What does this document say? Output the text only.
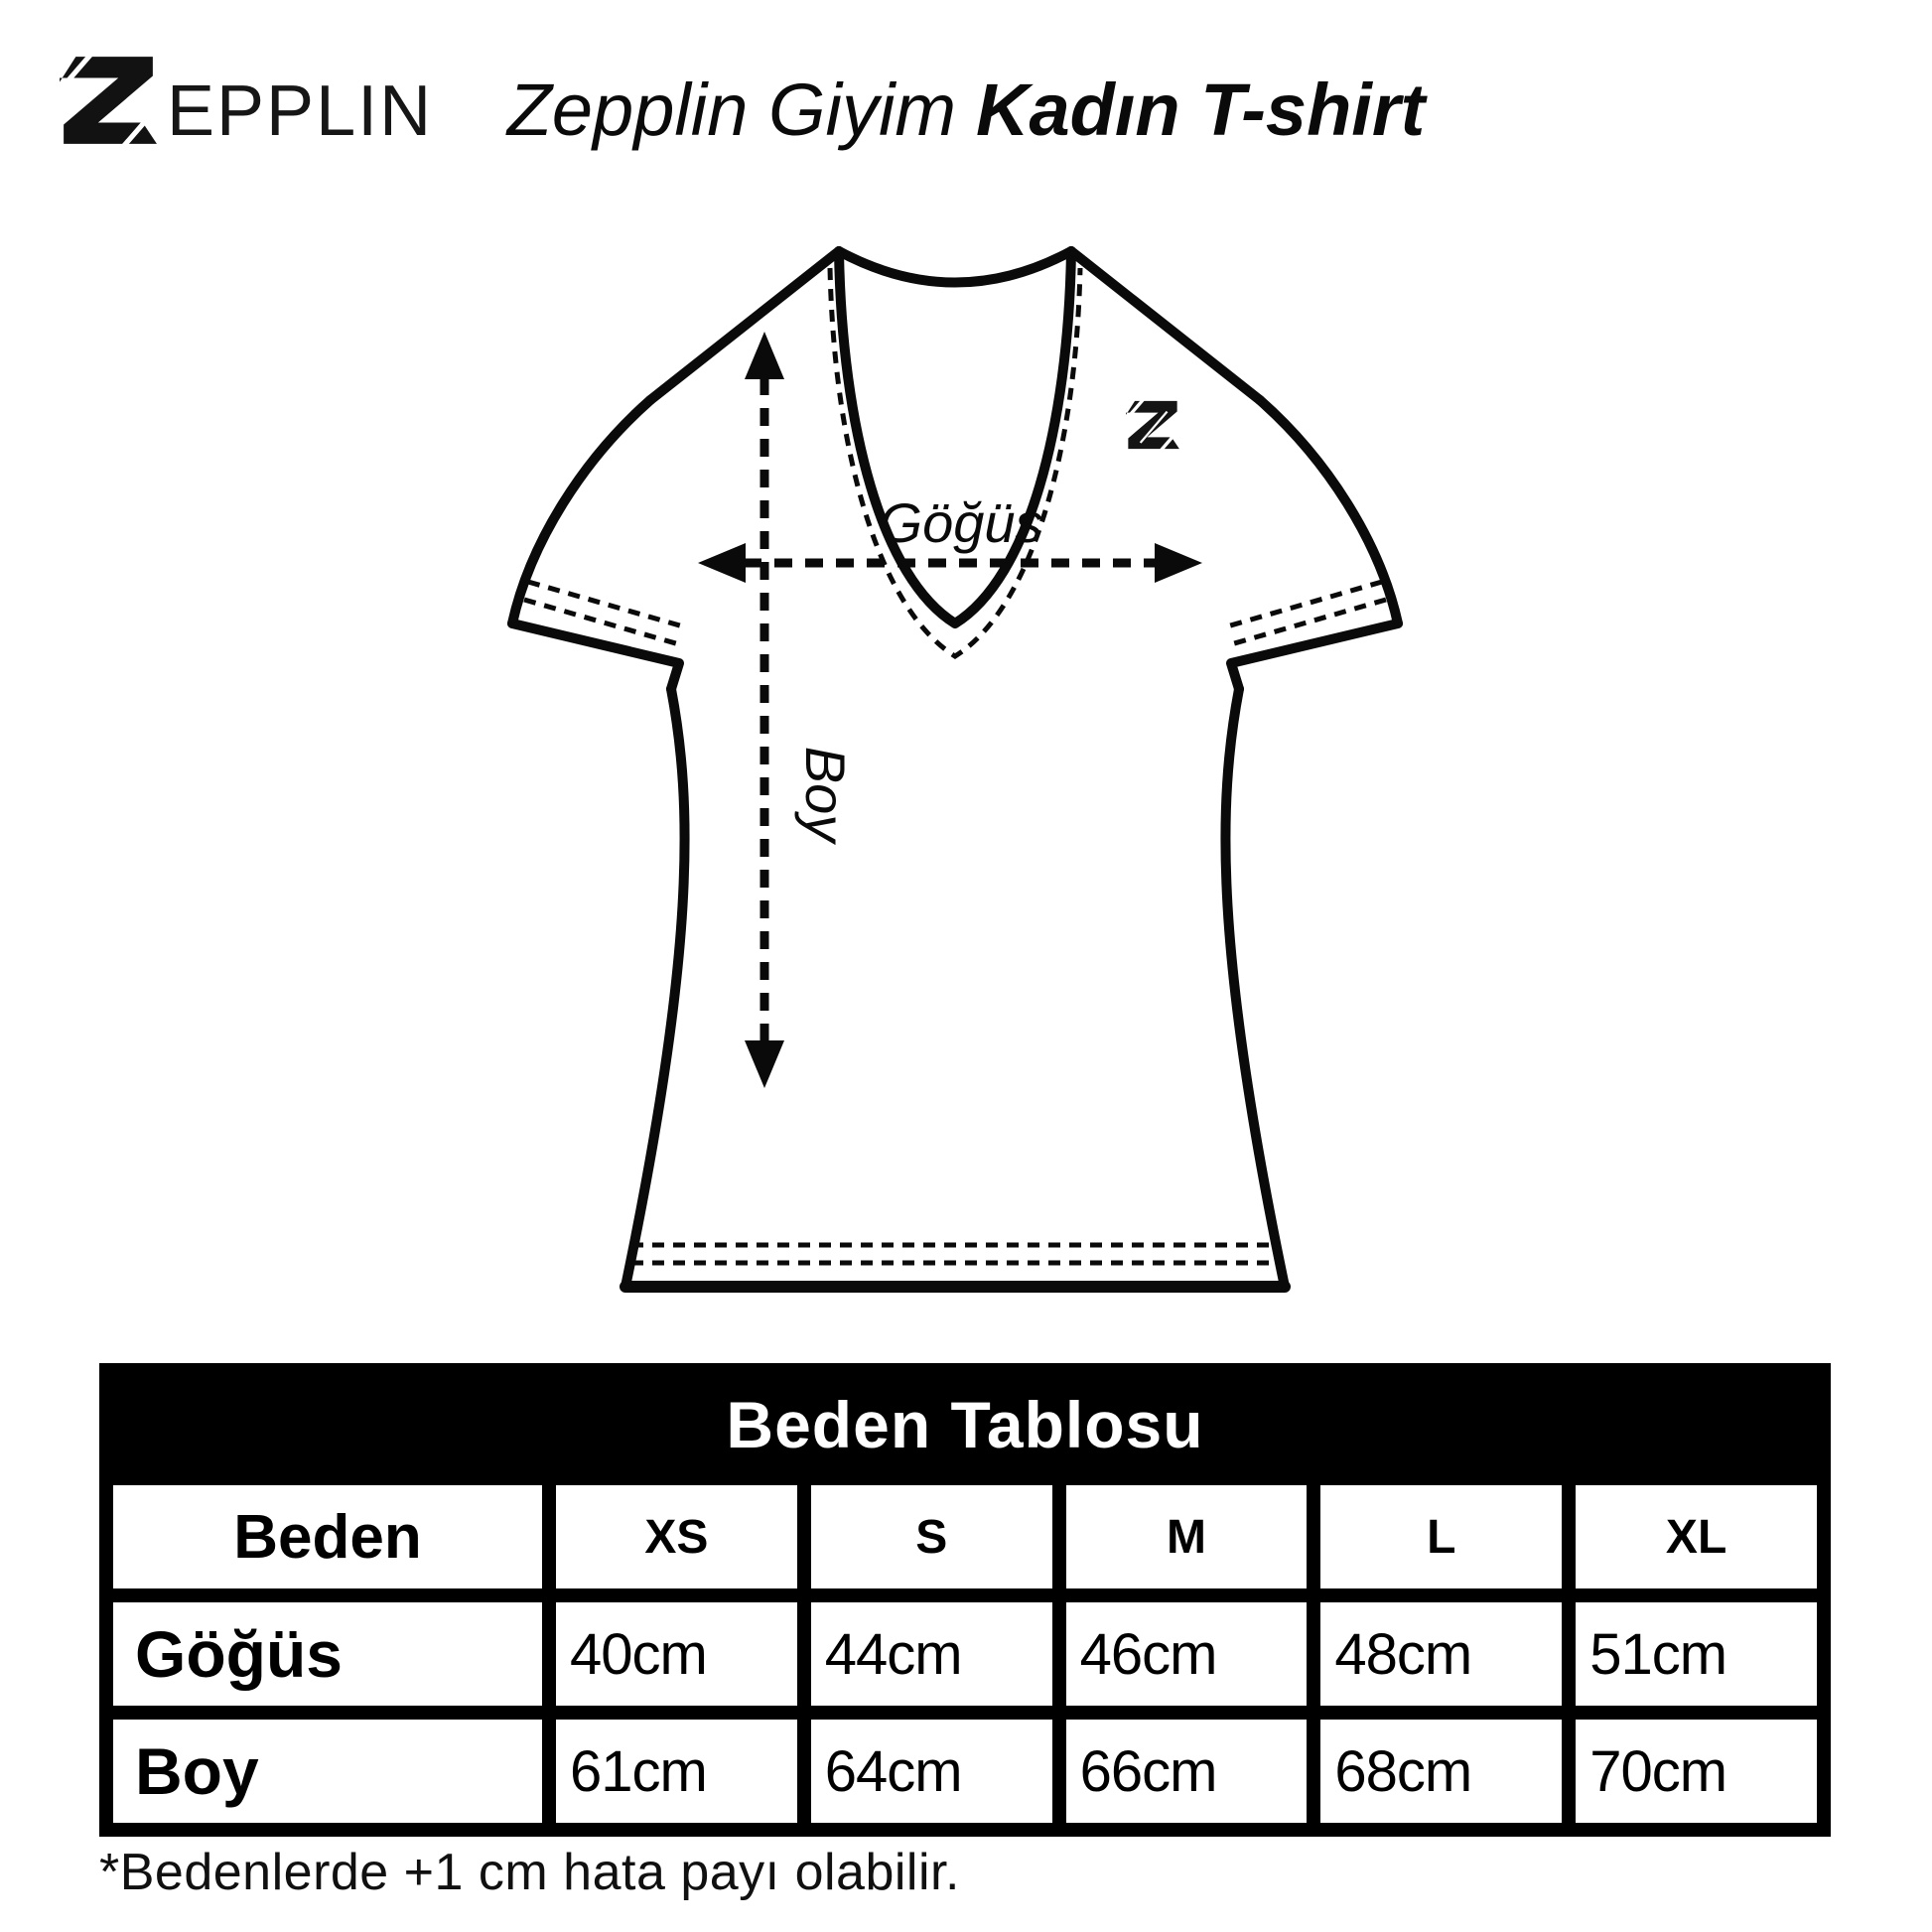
EPPLIN	Zepplin Giyim Kadın T-shirt
Göğüs
Boy
Beden Tablosu
Beden	XS	S	M	L	XL
Göğüs	40cm	44cm	46cm	48cm	51cm
Boy	61cm	64cm	66cm	68cm	70cm
*Bedenlerde +1 cm hata payı olabilir.
